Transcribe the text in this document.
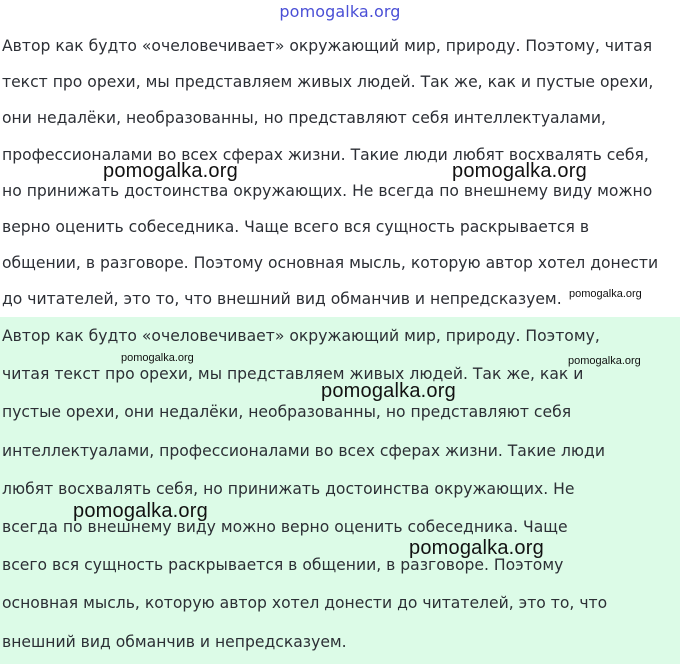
pomogalka.org
Автор как будто «очеловечивает» окружающий мир, природу. Поэтому, читая
текст про орехи, мы представляем живых людей. Так же, как и пустые орехи,
они недалёки, необразованны, но представляют себя интеллектуалами,
профессионалами во всех сферах жизни. Такие люди любят восхвалять себя,
но принижать достоинства окружающих. Не всегда по внешнему виду можно
верно оценить собеседника. Чаще всего вся сущность раскрывается в
общении, в разговоре. Поэтому основная мысль, которую автор хотел донести
до читателей, это то, что внешний вид обманчив и непредсказуем.
Автор как будто «очеловечивает» окружающий мир, природу. Поэтому,
читая текст про орехи, мы представляем живых людей. Так же, как и
пустые орехи, они недалёки, необразованны, но представляют себя
интеллектуалами, профессионалами во всех сферах жизни. Такие люди
любят восхвалять себя, но принижать достоинства окружающих. Не
всегда по внешнему виду можно верно оценить собеседника. Чаще
всего вся сущность раскрывается в общении, в разговоре. Поэтому
основная мысль, которую автор хотел донести до читателей, это то, что
внешний вид обманчив и непредсказуем.
pomogalka.org	pomogalka.org
pomogalka.org
pomogalka.org	pomogalka.org
pomogalka.org
pomogalka.org
pomogalka.org
